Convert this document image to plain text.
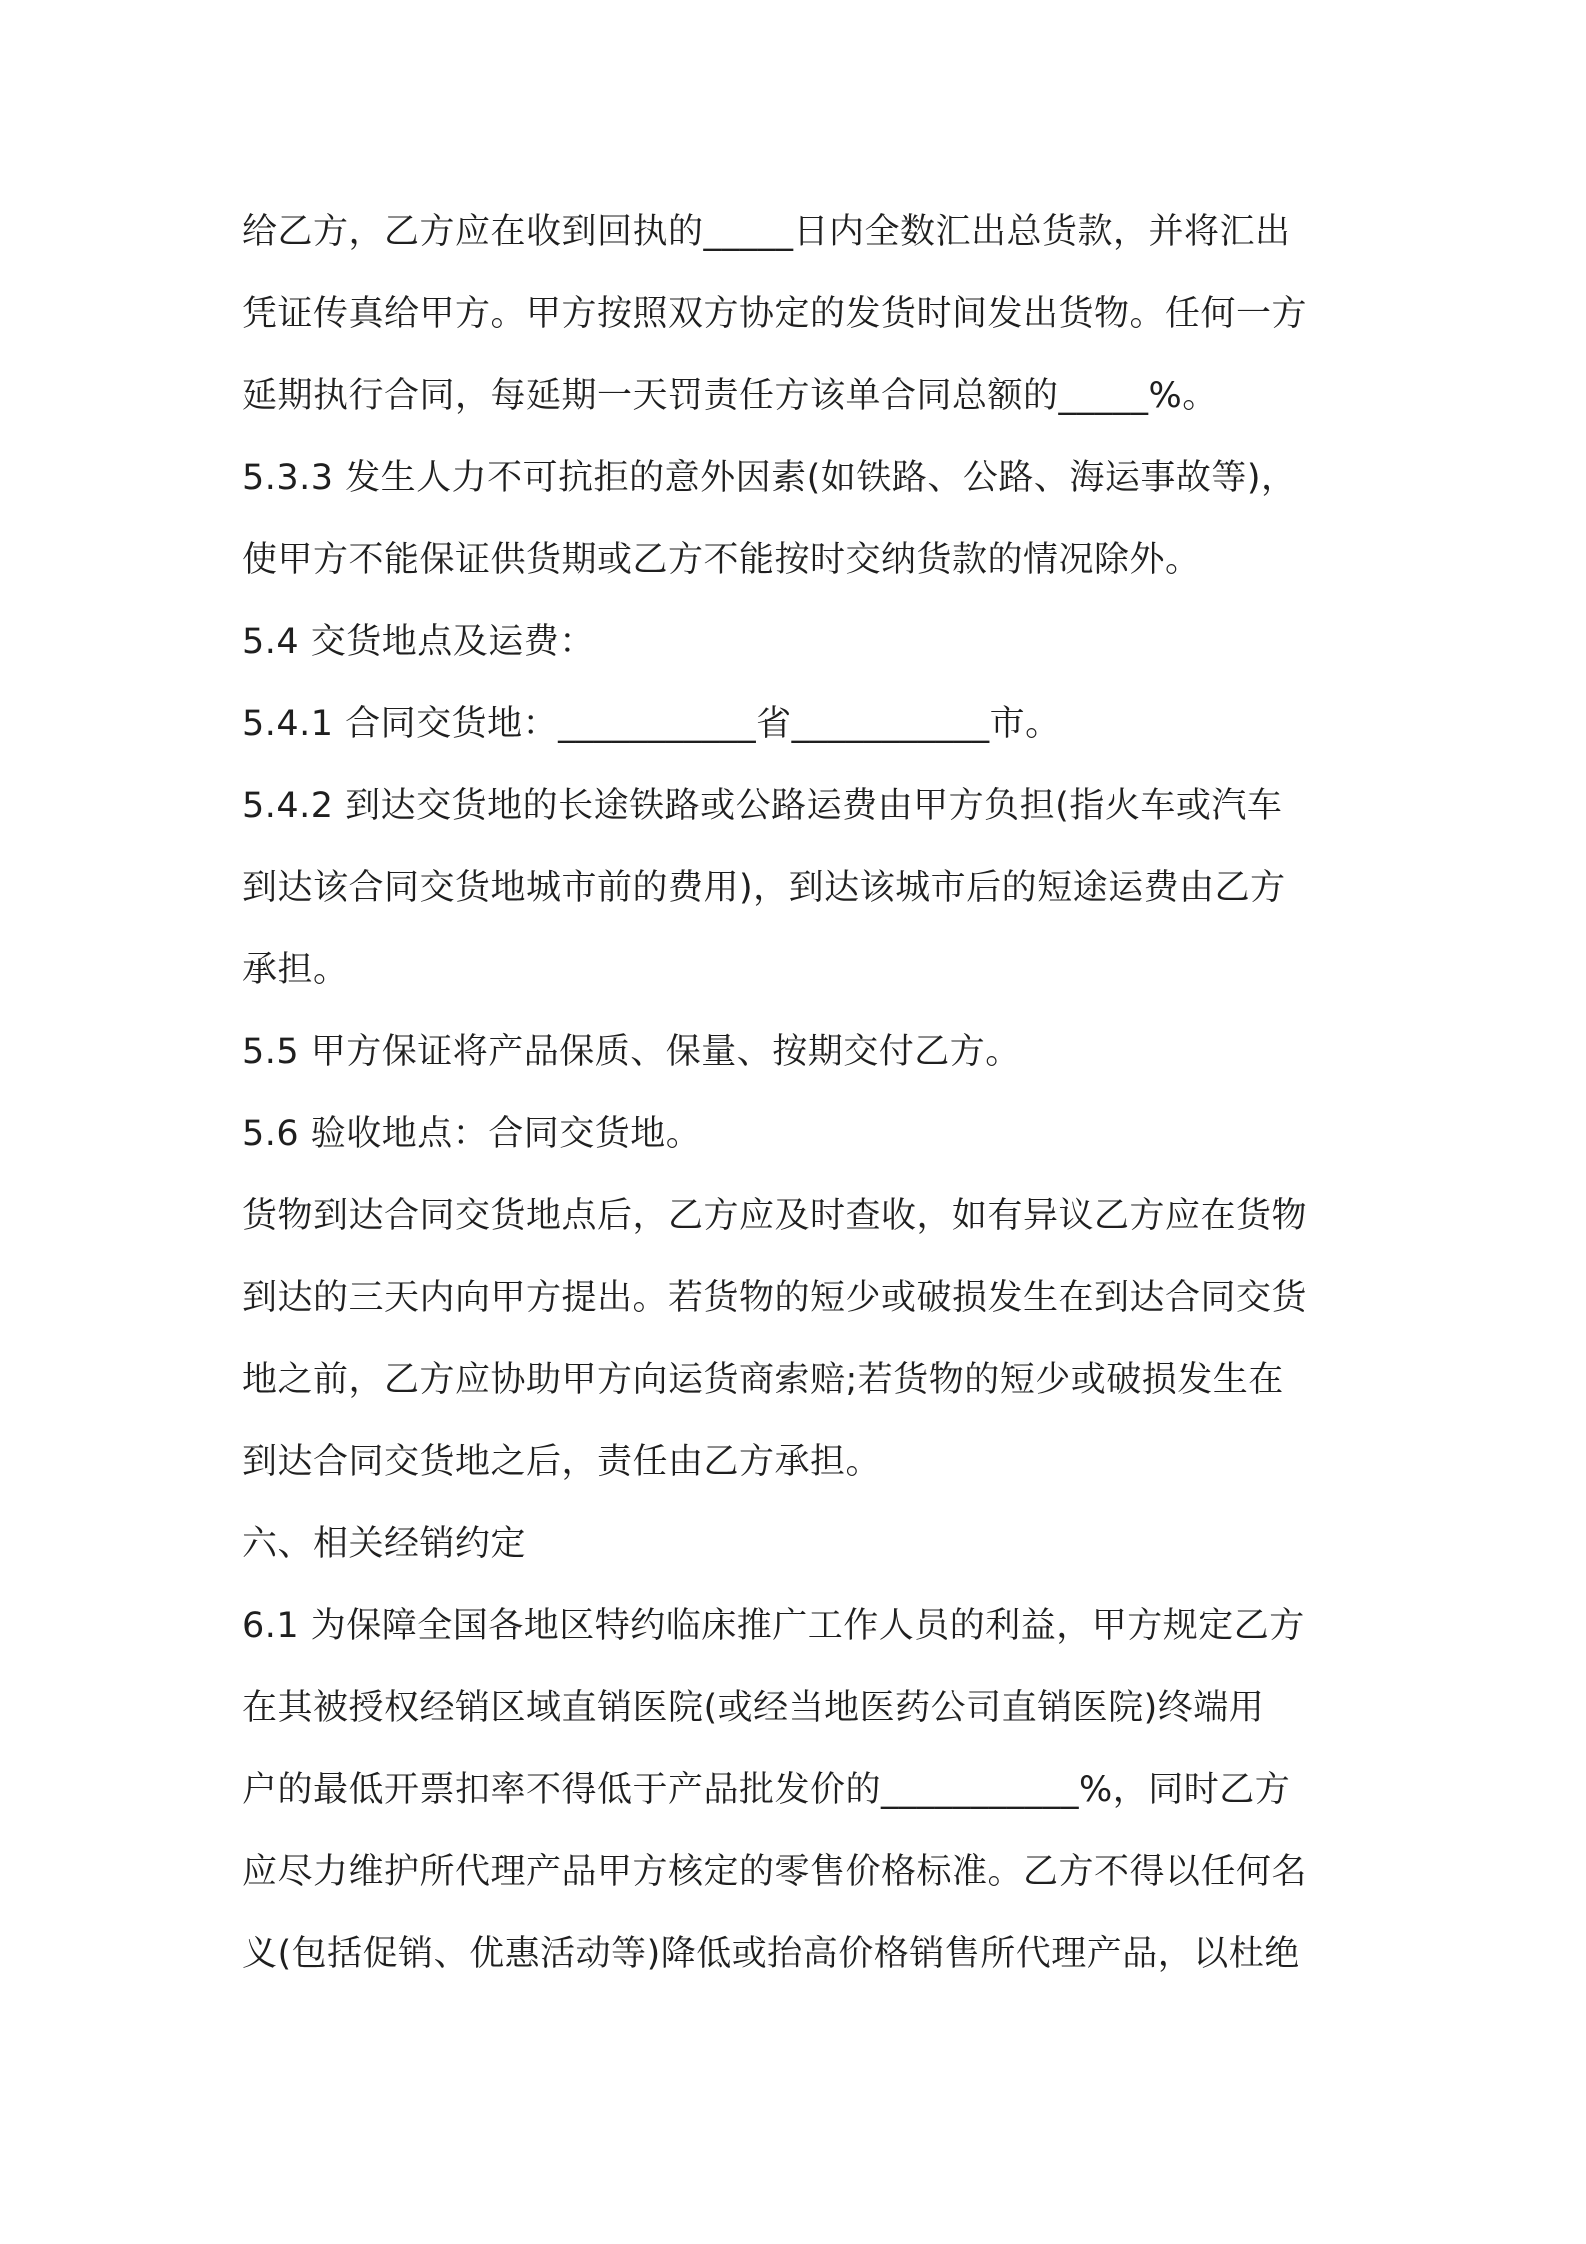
给乙方，乙方应在收到回执的_____日内全数汇出总货款，并将汇出
凭证传真给甲方。甲方按照双方协定的发货时间发出货物。任何一方
延期执行合同，每延期一天罚责任方该单合同总额的_____%。
5.3.3 发生人力不可抗拒的意外因素(如铁路、公路、海运事故等)，
使甲方不能保证供货期或乙方不能按时交纳货款的情况除外。
5.4 交货地点及运费：
5.4.1 合同交货地：___________省___________市。
5.4.2 到达交货地的长途铁路或公路运费由甲方负担(指火车或汽车
到达该合同交货地城市前的费用)，到达该城市后的短途运费由乙方
承担。
5.5 甲方保证将产品保质、保量、按期交付乙方。
5.6 验收地点：合同交货地。
货物到达合同交货地点后，乙方应及时查收，如有异议乙方应在货物
到达的三天内向甲方提出。若货物的短少或破损发生在到达合同交货
地之前，乙方应协助甲方向运货商索赔;若货物的短少或破损发生在
到达合同交货地之后，责任由乙方承担。
六、相关经销约定
6.1 为保障全国各地区特约临床推广工作人员的利益，甲方规定乙方
在其被授权经销区域直销医院(或经当地医药公司直销医院)终端用
户的最低开票扣率不得低于产品批发价的___________%，同时乙方
应尽力维护所代理产品甲方核定的零售价格标准。乙方不得以任何名
义(包括促销、优惠活动等)降低或抬高价格销售所代理产品，以杜绝
